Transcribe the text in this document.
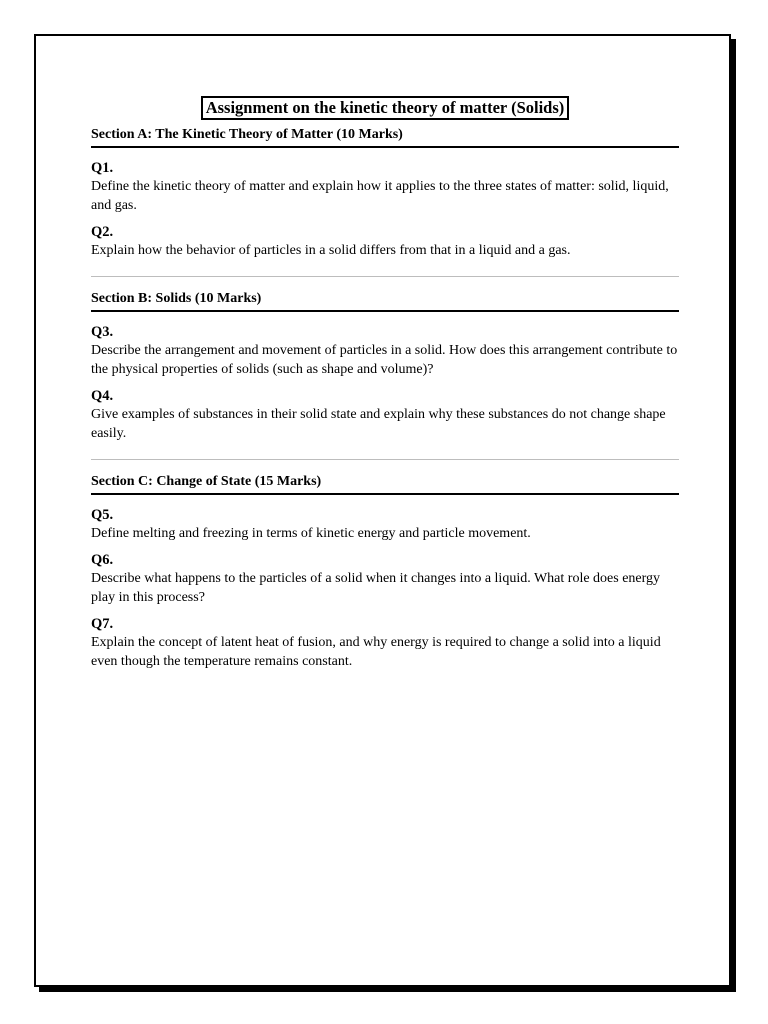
Assignment on the kinetic theory of matter (Solids)
Section A: The Kinetic Theory of Matter (10 Marks)
Q1.
Define the kinetic theory of matter and explain how it applies to the three states of matter: solid, liquid, and gas.
Q2.
Explain how the behavior of particles in a solid differs from that in a liquid and a gas.
Section B: Solids (10 Marks)
Q3.
Describe the arrangement and movement of particles in a solid. How does this arrangement contribute to the physical properties of solids (such as shape and volume)?
Q4.
Give examples of substances in their solid state and explain why these substances do not change shape easily.
Section C: Change of State (15 Marks)
Q5.
Define melting and freezing in terms of kinetic energy and particle movement.
Q6.
Describe what happens to the particles of a solid when it changes into a liquid. What role does energy play in this process?
Q7.
Explain the concept of latent heat of fusion, and why energy is required to change a solid into a liquid even though the temperature remains constant.
